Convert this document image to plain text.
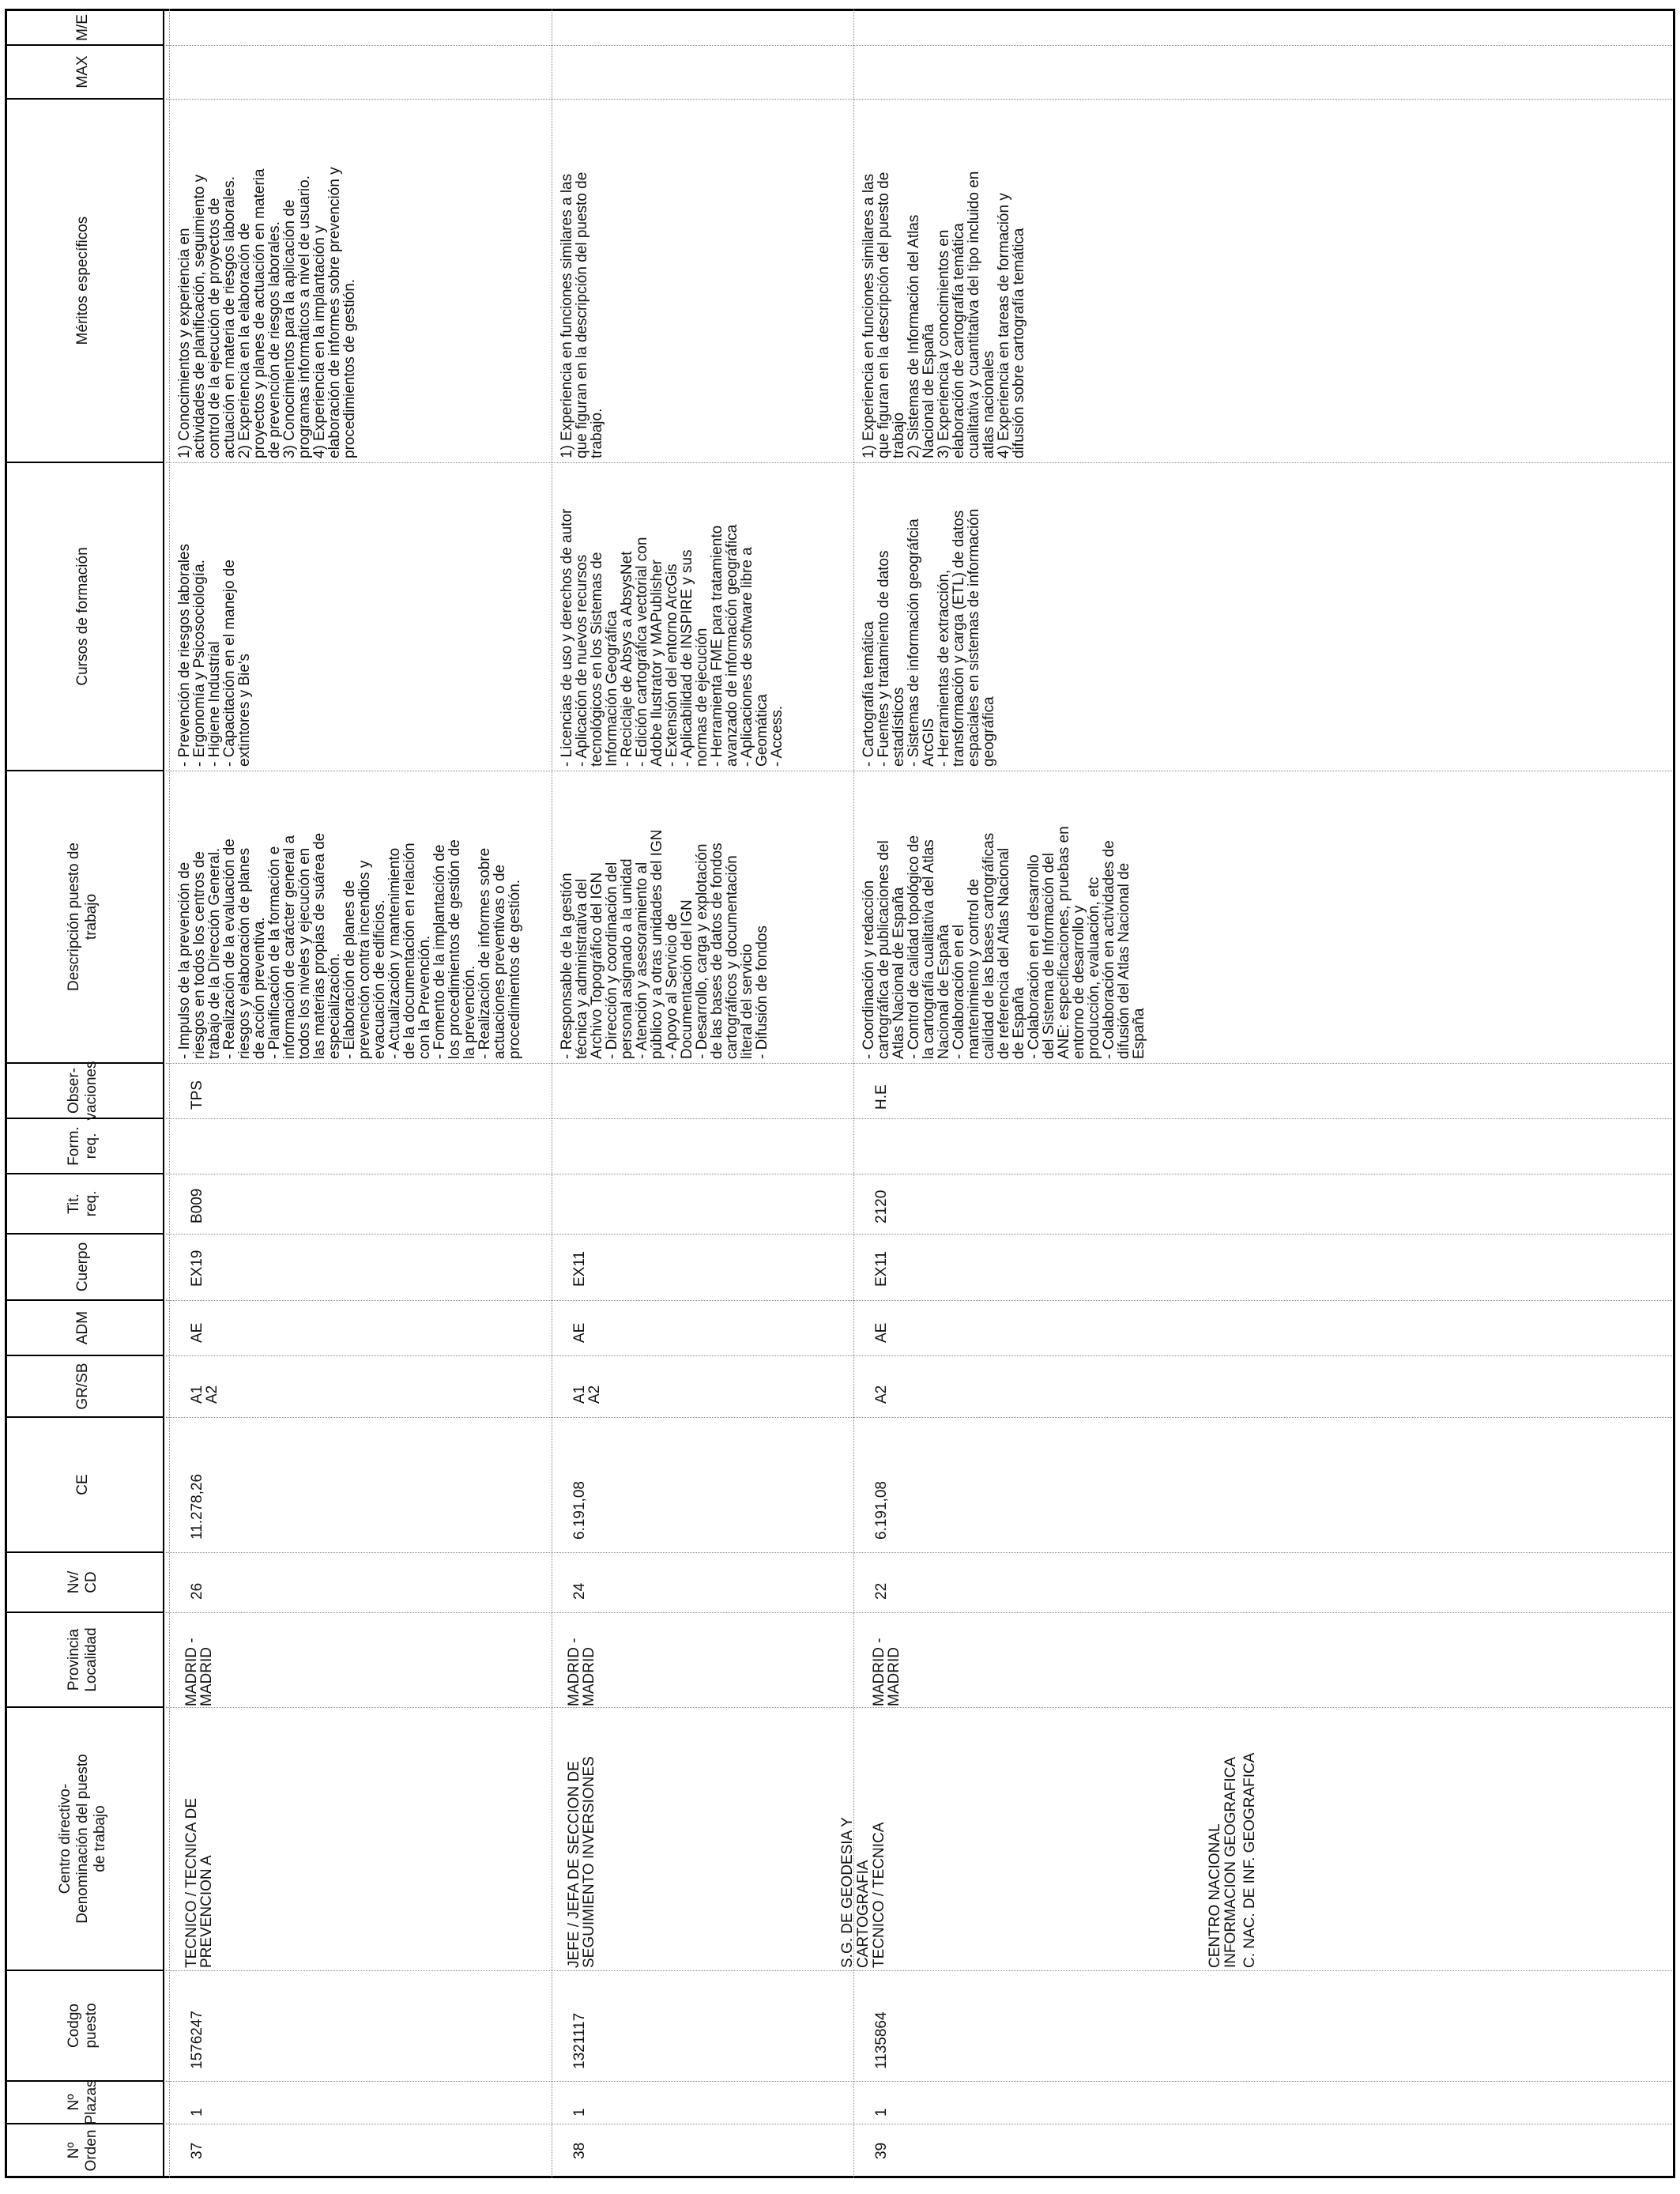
Nº
Orden
Nº
Plazas
Codgo
puesto
Centro directivo-
Denominación del puesto
de trabajo
Provincia
Localidad
Nv/
CD
CE
GR/SB
ADM
Cuerpo
Tit.
req.
Form.
req.
Obser-
vaciones
Descripción puesto de
trabajo
Cursos de formación
Méritos específicos
MAX
M/E
37
1
1576247
TECNICO / TECNICA DE
PREVENCION A
MADRID -
MADRID
26
11.278,26
A1
A2
AE
EX19
B009
TPS
- Impulso de la prevención de
riesgos en todos los centros de
trabajo de la Dirección General.
- Realización de la evaluación de
riesgos y elaboración de planes
de acción preventiva.
- Planificación de la formación e
información de carácter general a
todos los niveles y ejecución en
las materias propias de suárea de
especialización.
- Elaboración de planes de
prevención contra incendios y
evacuación de edificios.
- Actualización y mantenimiento
de la documentación en relación
con la Prevención.
- Fomento de la implantación de
los procedimientos de gestión de
la prevención.
- Realización de informes sobre
actuaciones preventivas o de
procedimientos de gestión.
- Prevención de riesgos laborales
- Ergonomía y Psicosociología.
- Higiene Industrial
- Capacitación en el manejo de
extintores y Bie's
1) Conocimientos y experiencia en
actividades de planificación, seguimiento y
control de la ejecución de proyectos de
actuación en materia de riesgos laborales.
2) Experiencia en la elaboración de
proyectos y planes de actuación en materia
de prevención de riesgos laborales.
3) Conocimientos para la aplicación de
programas informáticos a nivel de usuario.
4) Experiencia en la implantación y
elaboración de informes sobre prevención y
procedimientos de gestión.
38
1
1321117
JEFE / JEFA DE SECCION DE
SEGUIMIENTO INVERSIONES
MADRID -
MADRID
24
6.191,08
A1
A2
AE
EX11
- Responsable de la gestión
técnica y administrativa del
Archivo Topográfico del IGN
- Dirección y coordinación del
personal asignado a la unidad
- Atención y asesoramiento al
público y a otras unidades del IGN
- Apoyo al Servicio de
Documentación del IGN
- Desarrollo, carga y explotación
de las bases de datos de fondos
cartográficos y documentación
literal del servicio
- Difusión de fondos
- Licencias de uso y derechos de autor
- Aplicación de nuevos recursos
tecnológicos en los Sistemas de
Información Geográfica
- Reciclaje de Absys a AbsysNet
- Edición cartográfica vectorial con
Adobe Ilustrator y MAPublisher
- Extensión del entorno ArcGis
- Aplicabilidad de INSPIRE y sus
normas de ejecución
- Herramienta FME para tratamiento
avanzado de información geográfica
- Aplicaciones de software libre a
Geomática
- Access.
1) Experiencia en funciones similares a las
que figuran en la descripción del puesto de
trabajo.
39
1
1135864
S.G. DE GEODESIA Y
CARTOGRAFIA TECNICO / TECNICA
MADRID -
MADRID
22
6.191,08
A2
AE
EX11
2120
H.E
- Coordinación y redacción
cartográfica de publicaciones del
Atlas Nacional de España
- Control de calidad topológico de
la cartografía cualitativa del Atlas
Nacional de España
- Colaboración en el
mantenimiento y control de
calidad de las bases cartográficas
de referencia del Atlas Nacional
de España
- Colaboración en el desarrollo
del Sistema de Información del
ANE: especificaciones, pruebas en
entorno de desarrollo y
producción, evaluación, etc
- Colaboración en actividades de
difusión del Atlas Nacional de
España
- Cartografía temática
- Fuentes y tratamiento de datos
estadísticos
- Sistemas de información geográfcia
ArcGIS
- Herramientas de extracción,
transformación y carga (ETL) de datos
espaciales en sistemas de información
geográfica
1) Experiencia en funciones similares a las
que figuran en la descripción del puesto de
trabajo
2) Sistemas de Información del Atlas
Nacional de España
3) Experiencia y conocimientos en
elaboración de cartografía temática
cualitativa y cuantitativa del tipo incluido en
atlas nacionales
4) Experiencia en tareas de formación y
difusión sobre cartografía temática
CENTRO NACIONAL
INFORMACION GEOGRAFICA C. NAC. DE INF. GEOGRAFICA
